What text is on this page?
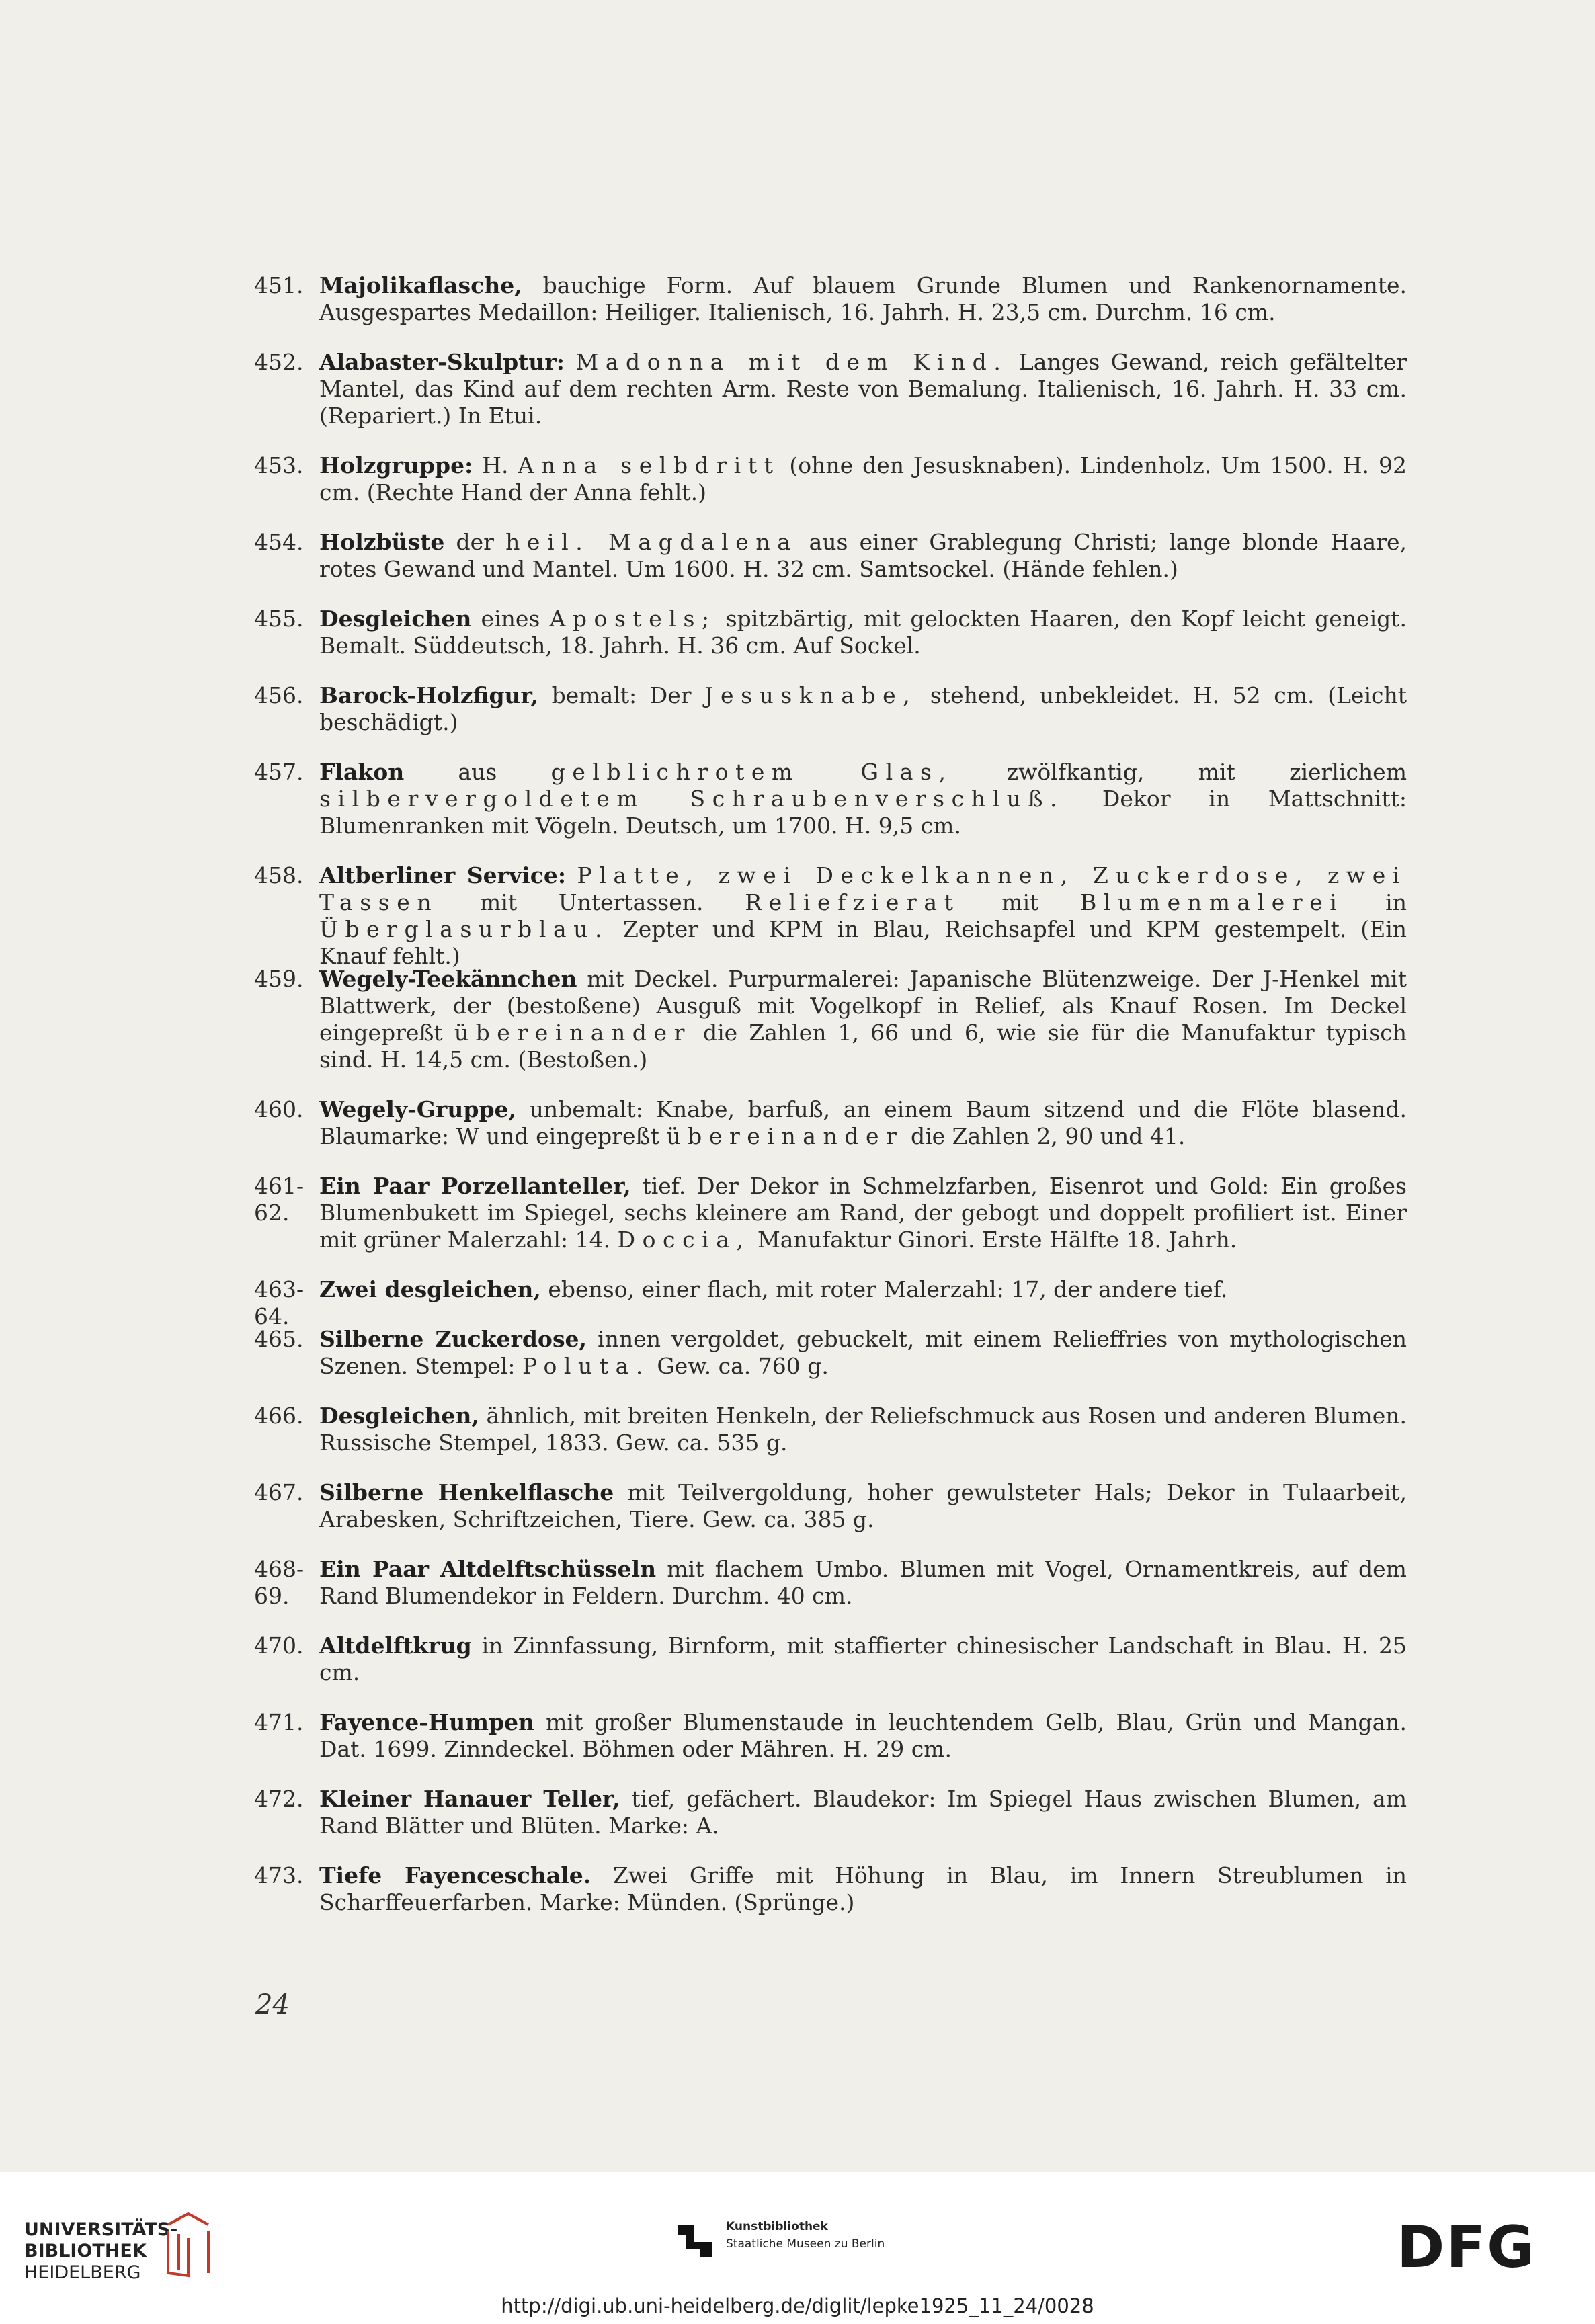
451. Majolikaflasche, bauchige Form. Auf blauem Grunde Blumen und Rankenornamente. Ausgespartes Medaillon: Heiliger. Italienisch, 16. Jahrh. H. 23,5 cm. Durchm. 16 cm.
452. Alabaster-Skulptur: Madonna mit dem Kind. Langes Gewand, reich gefältelter Mantel, das Kind auf dem rechten Arm. Reste von Bemalung. Italienisch, 16. Jahrh. H. 33 cm. (Repariert.) In Etui.
453. Holzgruppe: H. Anna selbdritt (ohne den Jesusknaben). Lindenholz. Um 1500. H. 92 cm. (Rechte Hand der Anna fehlt.)
454. Holzbüste der heil. Magdalena aus einer Grablegung Christi; lange blonde Haare, rotes Gewand und Mantel. Um 1600. H. 32 cm. Samtsockel. (Hände fehlen.)
455. Desgleichen eines Apostels; spitzbärtig, mit gelockten Haaren, den Kopf leicht geneigt. Bemalt. Süddeutsch, 18. Jahrh. H. 36 cm. Auf Sockel.
456. Barock-Holzfigur, bemalt: Der Jesusknabe, stehend, unbekleidet. H. 52 cm. (Leicht beschädigt.)
457. Flakon aus gelblichrotem Glas, zwölfkantig, mit zierlichem silbervergoldetem Schraubenverschluß. Dekor in Mattschnitt: Blumenranken mit Vögeln. Deutsch, um 1700. H. 9,5 cm.
458. Altberliner Service: Platte, zwei Deckelkannen, Zuckerdose, zwei Tassen mit Untertassen. Reliefzierat mit Blumenmalerei in Überglasurblau. Zepter und KPM in Blau, Reichsapfel und KPM gestempelt. (Ein Knauf fehlt.)
459. Wegely-Teekännchen mit Deckel. Purpurmalerei: Japanische Blütenzweige. Der J-Henkel mit Blattwerk, der (bestoßene) Ausguß mit Vogelkopf in Relief, als Knauf Rosen. Im Deckel eingepreßt übereinander die Zahlen 1, 66 und 6, wie sie für die Manufaktur typisch sind. H. 14,5 cm. (Bestoßen.)
460. Wegely-Gruppe, unbemalt: Knabe, barfuß, an einem Baum sitzend und die Flöte blasend. Blaumarke: W und eingepreßt übereinander die Zahlen 2, 90 und 41.
461-62.
Ein Paar Porzellanteller, tief. Der Dekor in Schmelzfarben, Eisenrot und Gold: Ein großes Blumenbukett im Spiegel, sechs kleinere am Rand, der gebogt und doppelt profiliert ist. Einer mit grüner Malerzahl: 14. Doccia, Manufaktur Ginori. Erste Hälfte 18. Jahrh.
463-64.
Zwei desgleichen, ebenso, einer flach, mit roter Malerzahl: 17, der andere tief.
465. Silberne Zuckerdose, innen vergoldet, gebuckelt, mit einem Relieffries von mythologischen Szenen. Stempel: Poluta. Gew. ca. 760 g.
466. Desgleichen, ähnlich, mit breiten Henkeln, der Reliefschmuck aus Rosen und anderen Blumen. Russische Stempel, 1833. Gew. ca. 535 g.
467. Silberne Henkelflasche mit Teilvergoldung, hoher gewulsteter Hals; Dekor in Tulaarbeit, Arabesken, Schriftzeichen, Tiere. Gew. ca. 385 g.
468-69.
Ein Paar Altdelftschüsseln mit flachem Umbo. Blumen mit Vogel, Ornamentkreis, auf dem Rand Blumendekor in Feldern. Durchm. 40 cm.
470. Altdelftkrug in Zinnfassung, Birnform, mit staffierter chinesischer Landschaft in Blau. H. 25 cm.
471. Fayence-Humpen mit großer Blumenstaude in leuchtendem Gelb, Blau, Grün und Mangan. Dat. 1699. Zinndeckel. Böhmen oder Mähren. H. 29 cm.
472. Kleiner Hanauer Teller, tief, gefächert. Blaudekor: Im Spiegel Haus zwischen Blumen, am Rand Blätter und Blüten. Marke: A.
473. Tiefe Fayenceschale. Zwei Griffe mit Höhung in Blau, im Innern Streublumen in Scharffeuerfarben. Marke: Münden. (Sprünge.)
24
UNIVERSITÄTS-
BIBLIOTHEK
HEIDELBERG
Kunstbibliothek
Staatliche Museen zu Berlin	DFG
http://digi.ub.uni-heidelberg.de/diglit/lepke1925_11_24/0028
